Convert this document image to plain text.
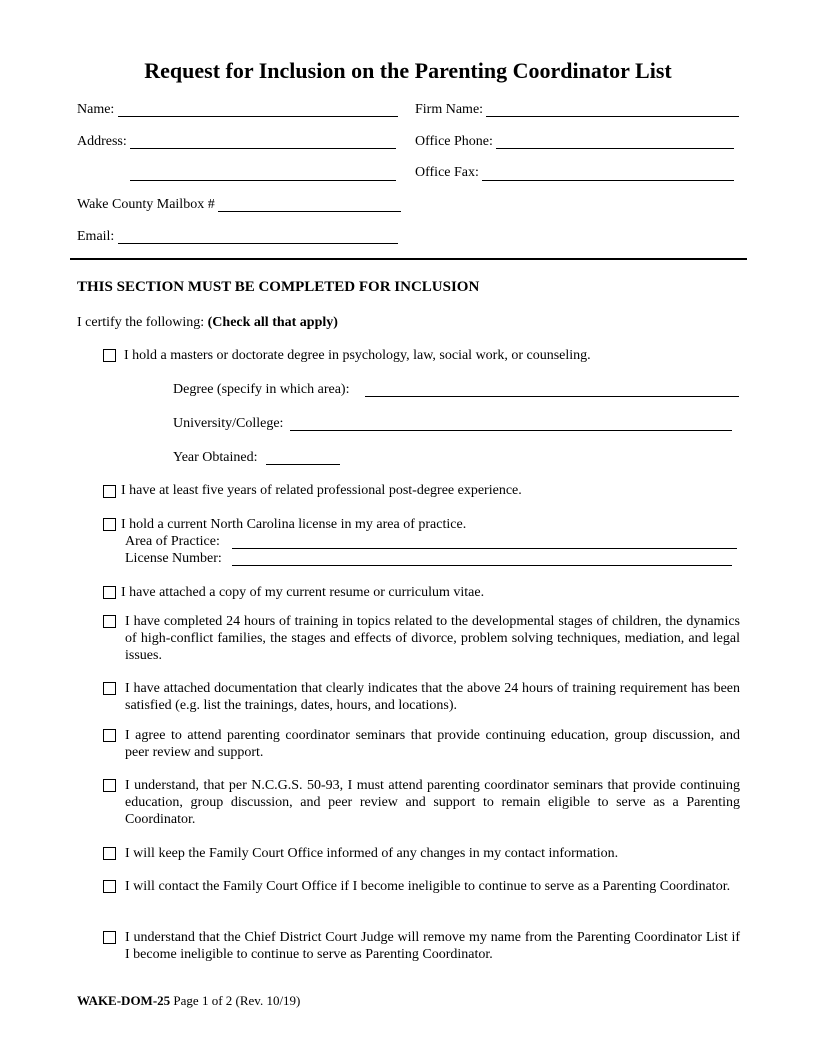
Request for Inclusion on the Parenting Coordinator List
Name:	Firm Name:
Address:	Office Phone:
Office Fax:
Wake County Mailbox #
Email:
THIS SECTION MUST BE COMPLETED FOR INCLUSION
I certify the following: (Check all that apply)
I hold a masters or doctorate degree in psychology, law, social work, or counseling.
Degree (specify in which area):
University/College:
Year Obtained:
I have at least five years of related professional post-degree experience.
I hold a current North Carolina license in my area of practice.
Area of Practice:
License Number:
I have attached a copy of my current resume or curriculum vitae.
I have completed 24 hours of training in topics related to the developmental stages of children, the dynamics of high-conflict families, the stages and effects of divorce, problem solving techniques, mediation, and legal issues.
I have attached documentation that clearly indicates that the above 24 hours of training requirement has been satisfied (e.g. list the trainings, dates, hours, and locations).
I agree to attend parenting coordinator seminars that provide continuing education, group discussion, and peer review and support.
I understand, that per N.C.G.S. 50-93, I must attend parenting coordinator seminars that provide continuing education, group discussion, and peer review and support to remain eligible to serve as a Parenting Coordinator.
I will keep the Family Court Office informed of any changes in my contact information.
I will contact the Family Court Office if I become ineligible to continue to serve as a Parenting Coordinator.
I understand that the Chief District Court Judge will remove my name from the Parenting Coordinator List if I become ineligible to continue to serve as Parenting Coordinator.
WAKE-DOM-25 Page 1 of 2 (Rev. 10/19)
